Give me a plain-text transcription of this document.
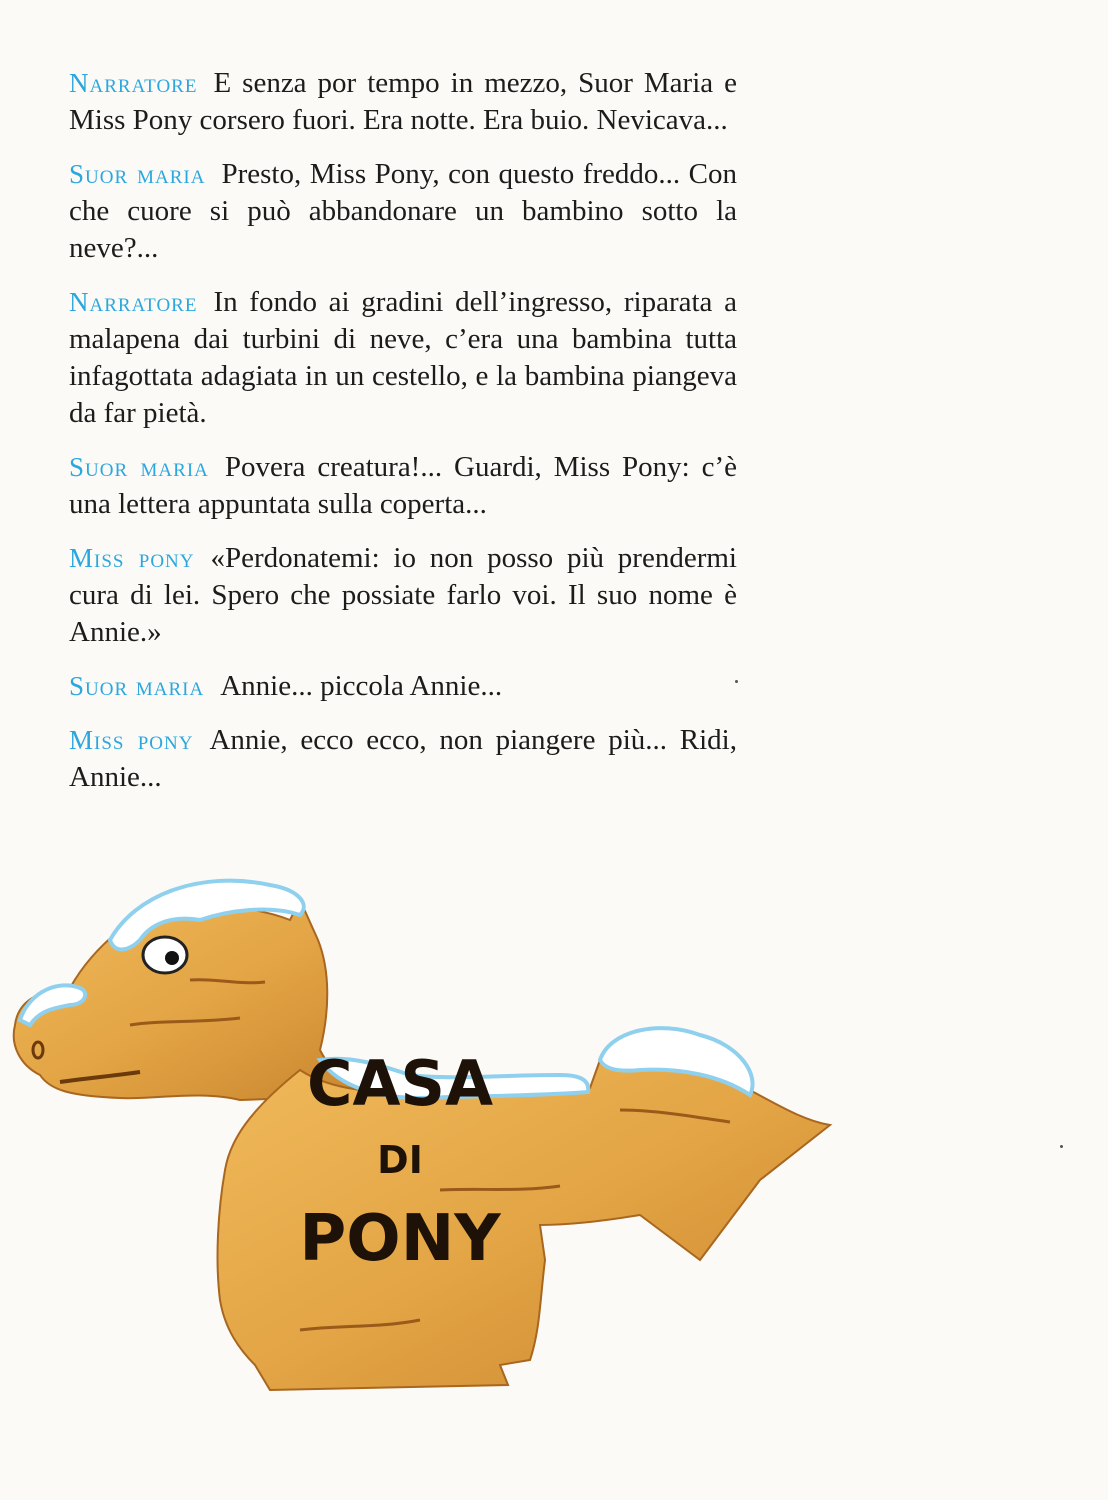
Narratore E senza por tempo in mezzo, Suor Maria e Miss Pony corsero fuori. Era notte. Era buio. Nevicava...

Suor maria Presto, Miss Pony, con questo freddo... Con che cuore si può abbandonare un bambino sotto la neve?...

Narratore In fondo ai gradini dell’ingresso, riparata a malapena dai turbini di neve, c’era una bambina tutta infagottata adagiata in un cestello, e la bambina piangeva da far pietà.

Suor maria Povera creatura!... Guardi, Miss Pony: c’è una lettera appuntata sulla coperta...

Miss pony «Perdonatemi: io non posso più prendermi cura di lei. Spero che possiate farlo voi. Il suo nome è Annie.»

Suor maria Annie... piccola Annie...

Miss pony Annie, ecco ecco, non piangere più... Ridi, Annie...

CASA
DI
PONY
